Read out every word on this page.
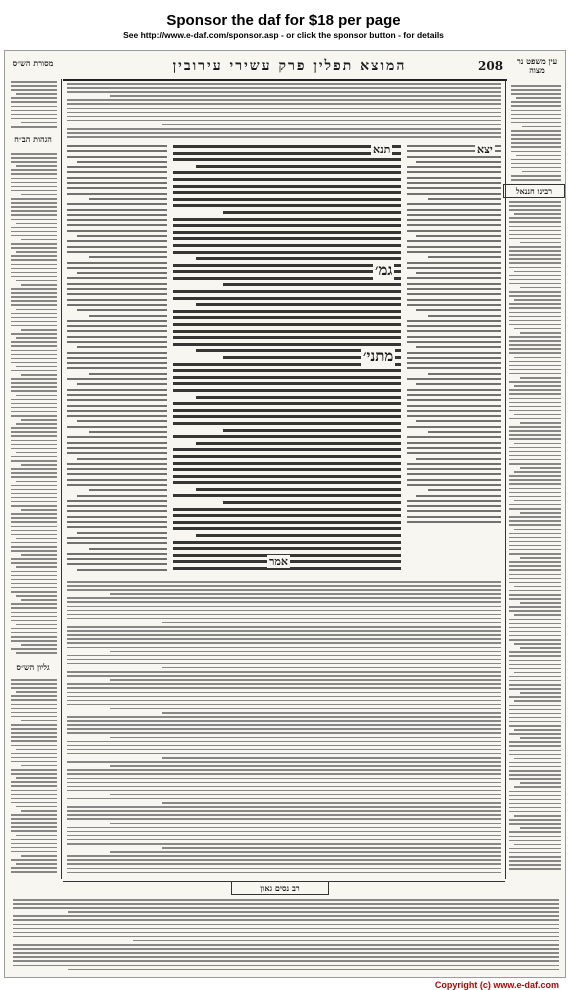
Sponsor the daf for $18 per page
See http://www.e-daf.com/sponsor.asp - or click the sponsor button - for details
208
המוצא תפלין פרק עשירי עירובין	עין משפט נר מצוה
מסורת הש״ס
הגהות הב״ח
גליון הש״ס
רבינו חננאל
יצא
תנא
גמ׳
מתני׳
אמר
רב נסים גאון
Copyright (c) www.e-daf.com
